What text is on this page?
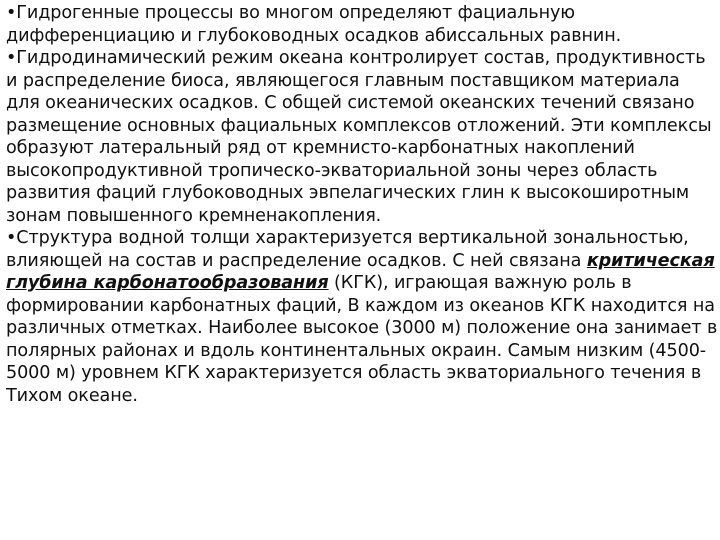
•Гидрогенные процессы во многом определяют фациальную дифференциацию и глубоководных осадков абиссальных равнин.

•Гидродинамический режим океана контролирует состав, продуктивность и распределение биоса, являющегося главным поставщиком материала для океанических осадков. С общей системой океанских течений связано размещение основных фациальных комплексов отложений. Эти комплексы образуют латеральный ряд от кремнисто-карбонатных накоплений высокопродуктивной тропическо-экваториальной зоны через область развития фаций глубоководных эвпелагических глин к высокоширотным зонам повышенного кремненакопления.

•Структура водной толщи характеризуется вертикальной зональностью, влияющей на состав и распределение осадков. С ней связана критическая глубина карбонатообразования (КГК), играющая важную роль в формировании карбонатных фаций, В каждом из океанов КГК находится на различных отметках. Наиболее высокое (3000 м) положение она занимает в полярных районах и вдоль континентальных окраин. Самым низким (4500-5000 м) уровнем КГК характеризуется область экваториального течения в Тихом океане.
